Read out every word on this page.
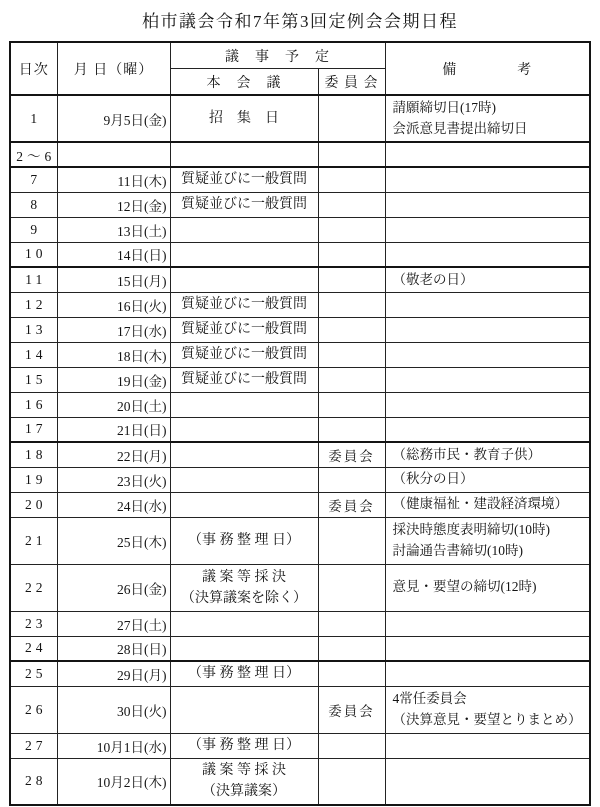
柏市議会令和7年第3回定例会会期日程
日次	月 日（曜）	議　事　予　定		備　　　　考
		本　会　議	委 員 会	
1	9月5日(金)	招　集　日		請願締切日(17時)
会派意見書提出締切日

2～6				
7	11日(木)	質疑並びに一般質問		

8	12日(金)	質疑並びに一般質問		

9	13日(土)			
10	14日(日)			
11	15日(月)			（敬老の日）

12	16日(火)	質疑並びに一般質問		

13	17日(水)	質疑並びに一般質問		

14	18日(木)	質疑並びに一般質問		

15	19日(金)	質疑並びに一般質問		

16	20日(土)			
17	21日(日)			
18	22日(月)		委員会	（総務市民・教育子供）

19	23日(火)			（秋分の日）

20	24日(水)		委員会	（健康福祉・建設経済環境）

21	25日(木)	（事 務 整 理 日）		採決時態度表明締切(10時)
討論通告書締切(10時)

22	26日(金)	議 案 等 採 決
（決算議案を除く）		意見・要望の締切(12時)

23	27日(土)			
24	28日(日)			
25	29日(月)	（事 務 整 理 日）		

26	30日(火)		委員会	4常任委員会
（決算意見・要望とりまとめ）

27	10月1日(水)	（事 務 整 理 日）		

28	10月2日(木)	議 案 等 採 決
（決算議案）		
